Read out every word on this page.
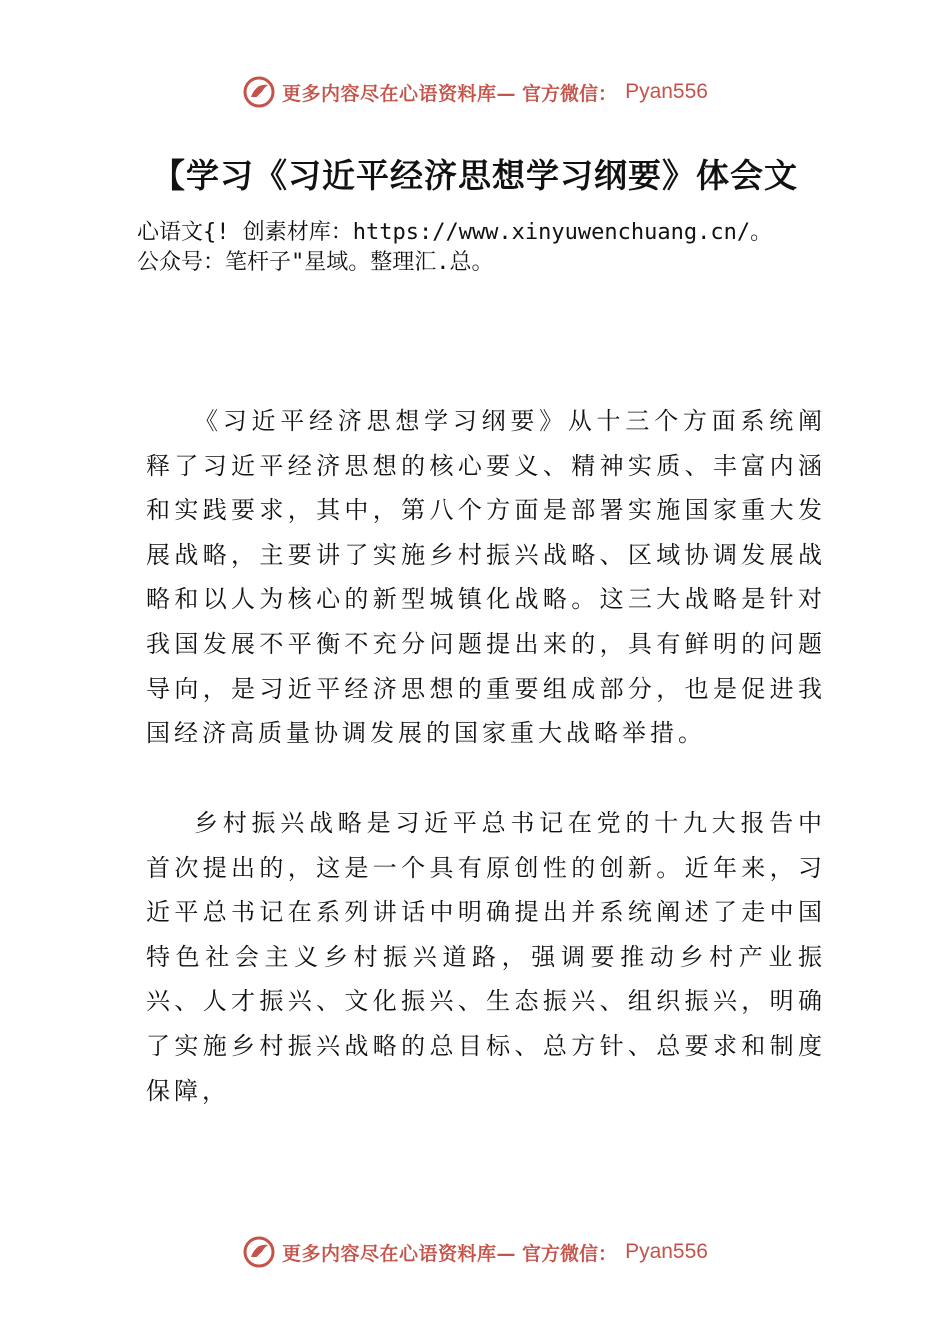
更多内容尽在心语资料库— 官方微信： Pyan556
【学习《习近平经济思想学习纲要》体会文

心语文{! 创素材库：https://www.xinyuwenchuang.cn/。

公众号：笔杆子"星域。整理汇.总。

《习近平经济思想学习纲要》从十三个方面系统阐释了习近平经济思想的核心要义、精神实质、丰富内涵和实践要求，其中，第八个方面是部署实施国家重大发展战略，主要讲了实施乡村振兴战略、区域协调发展战略和以人为核心的新型城镇化战略。这三大战略是针对我国发展不平衡不充分问题提出来的，具有鲜明的问题导向，是习近平经济思想的重要组成部分，也是促进我国经济高质量协调发展的国家重大战略举措。

乡村振兴战略是习近平总书记在党的十九大报告中首次提出的，这是一个具有原创性的创新。近年来，习近平总书记在系列讲话中明确提出并系统阐述了走中国特色社会主义乡村振兴道路，强调要推动乡村产业振兴、人才振兴、文化振兴、生态振兴、组织振兴，明确了实施乡村振兴战略的总目标、总方针、总要求和制度保障，

更多内容尽在心语资料库— 官方微信： Pyan556
